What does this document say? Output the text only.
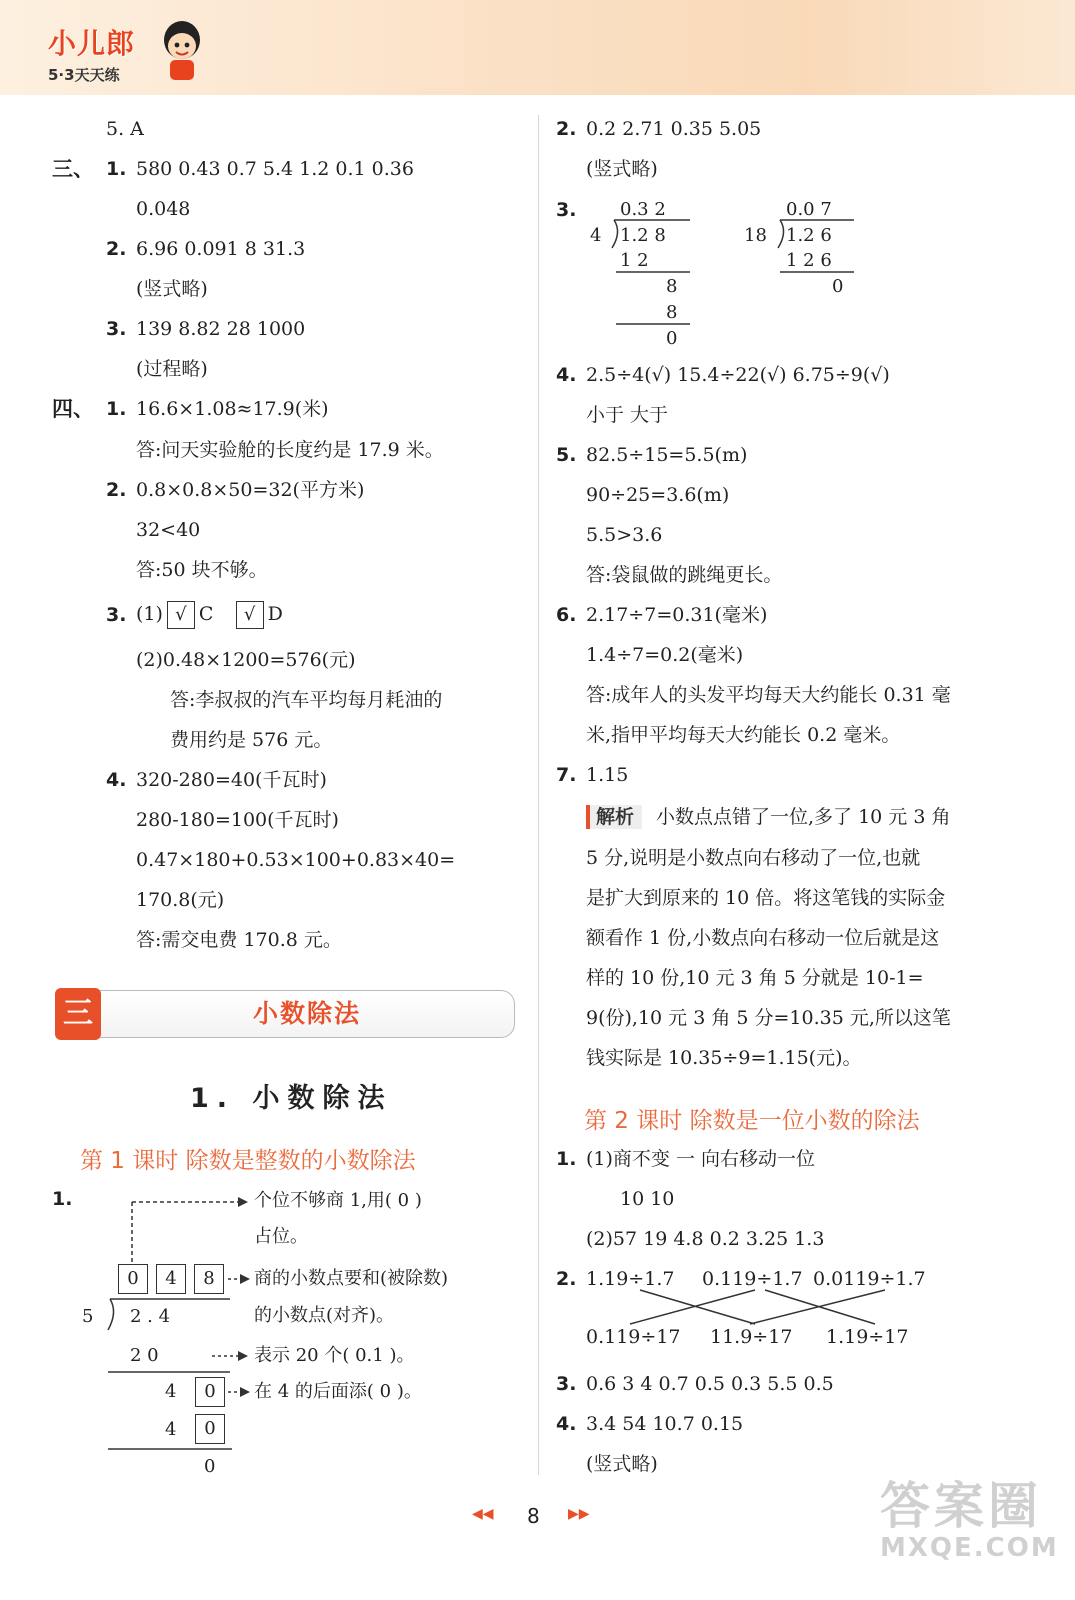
小儿郎
5·3天天练
5. A
三、 1. 580 0.43 0.7 5.4 1.2 0.1 0.36
0.048
2. 6.96 0.091 8 31.3
(竖式略)
3. 139 8.82 28 1000
(过程略)
四、 1. 16.6×1.08≈17.9(米)
答:问天实验舱的长度约是 17.9 米。
2. 0.8×0.8×50=32(平方米)
32<40
答:50 块不够。
3. (1) √ C √ D
(2)0.48×1200=576(元)
答:李叔叔的汽车平均每月耗油的
费用约是 576 元。
4. 320-280=40(千瓦时)
280-180=100(千瓦时)
0.47×180+0.53×100+0.83×40=
170.8(元)
答:需交电费 170.8 元。
三	小数除法
1. 小数除法
第 1 课时 除数是整数的小数除法
1.
0	4	8
5 2 . 4
2 0
4	0
4	0
0
个位不够商 1,用( 0 )
占位。
商的小数点要和(被除数)
的小数点(对齐)。
表示 20 个( 0.1 )。
在 4 的后面添( 0 )。
2. 0.2 2.71 0.35 5.05
(竖式略)
3. 0.3 2
4 1.2 8
1 2
8
8
0
0.0 7
18 1.2 6
1 2 6
0
4. 2.5÷4(√) 15.4÷22(√) 6.75÷9(√)
小于 大于
5. 82.5÷15=5.5(m)
90÷25=3.6(m)
5.5>3.6
答:袋鼠做的跳绳更长。
6. 2.17÷7=0.31(毫米)
1.4÷7=0.2(毫米)
答:成年人的头发平均每天大约能长 0.31 毫
米,指甲平均每天大约能长 0.2 毫米。
7. 1.15
解析 小数点点错了一位,多了 10 元 3 角
5 分,说明是小数点向右移动了一位,也就
是扩大到原来的 10 倍。将这笔钱的实际金
额看作 1 份,小数点向右移动一位后就是这
样的 10 份,10 元 3 角 5 分就是 10-1=
9(份),10 元 3 角 5 分=10.35 元,所以这笔
钱实际是 10.35÷9=1.15(元)。
第 2 课时 除数是一位小数的除法
1. (1)商不变 一 向右移动一位
10 10
(2)57 19 4.8 0.2 3.25 1.3
2. 1.19÷1.7 0.119÷1.7 0.0119÷1.7
0.119÷17 11.9÷17 1.19÷17
3. 0.6 3 4 0.7 0.5 0.3 5.5 0.5
4. 3.4 54 10.7 0.15
(竖式略)
◀◀ 8 ▶▶	答案圈
MXQE.COM
